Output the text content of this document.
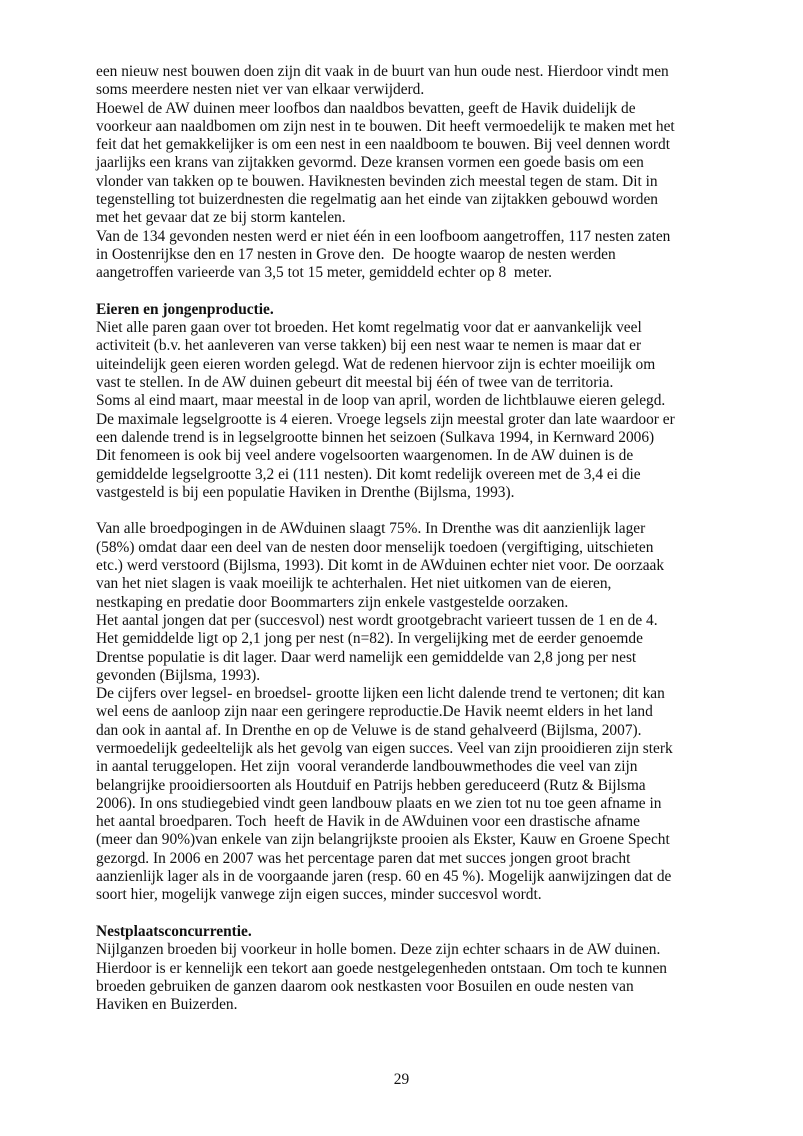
een nieuw nest bouwen doen zijn dit vaak in de buurt van hun oude nest. Hierdoor vindt men

soms meerdere nesten niet ver van elkaar verwijderd.

Hoewel de AW duinen meer loofbos dan naaldbos bevatten, geeft de Havik duidelijk de

voorkeur aan naaldbomen om zijn nest in te bouwen. Dit heeft vermoedelijk te maken met het

feit dat het gemakkelijker is om een nest in een naaldboom te bouwen. Bij veel dennen wordt

jaarlijks een krans van zijtakken gevormd. Deze kransen vormen een goede basis om een

vlonder van takken op te bouwen. Haviknesten bevinden zich meestal tegen de stam. Dit in

tegenstelling tot buizerdnesten die regelmatig aan het einde van zijtakken gebouwd worden

met het gevaar dat ze bij storm kantelen.

Van de 134 gevonden nesten werd er niet één in een loofboom aangetroffen, 117 nesten zaten

in Oostenrijkse den en 17 nesten in Grove den.  De hoogte waarop de nesten werden

aangetroffen varieerde van 3,5 tot 15 meter, gemiddeld echter op 8  meter.

Eieren en jongenproductie.

Niet alle paren gaan over tot broeden. Het komt regelmatig voor dat er aanvankelijk veel

activiteit (b.v. het aanleveren van verse takken) bij een nest waar te nemen is maar dat er

uiteindelijk geen eieren worden gelegd. Wat de redenen hiervoor zijn is echter moeilijk om

vast te stellen. In de AW duinen gebeurt dit meestal bij één of twee van de territoria.

Soms al eind maart, maar meestal in de loop van april, worden de lichtblauwe eieren gelegd.

De maximale legselgrootte is 4 eieren. Vroege legsels zijn meestal groter dan late waardoor er

een dalende trend is in legselgrootte binnen het seizoen (Sulkava 1994, in Kernward 2006)

Dit fenomeen is ook bij veel andere vogelsoorten waargenomen. In de AW duinen is de

gemiddelde legselgrootte 3,2 ei (111 nesten). Dit komt redelijk overeen met de 3,4 ei die

vastgesteld is bij een populatie Haviken in Drenthe (Bijlsma, 1993).

Van alle broedpogingen in de AWduinen slaagt 75%. In Drenthe was dit aanzienlijk lager

(58%) omdat daar een deel van de nesten door menselijk toedoen (vergiftiging, uitschieten

etc.) werd verstoord (Bijlsma, 1993). Dit komt in de AWduinen echter niet voor. De oorzaak

van het niet slagen is vaak moeilijk te achterhalen. Het niet uitkomen van de eieren,

nestkaping en predatie door Boommarters zijn enkele vastgestelde oorzaken.

Het aantal jongen dat per (succesvol) nest wordt grootgebracht varieert tussen de 1 en de 4.

Het gemiddelde ligt op 2,1 jong per nest (n=82). In vergelijking met de eerder genoemde

Drentse populatie is dit lager. Daar werd namelijk een gemiddelde van 2,8 jong per nest

gevonden (Bijlsma, 1993).

De cijfers over legsel- en broedsel- grootte lijken een licht dalende trend te vertonen; dit kan

wel eens de aanloop zijn naar een geringere reproductie.De Havik neemt elders in het land

dan ook in aantal af. In Drenthe en op de Veluwe is de stand gehalveerd (Bijlsma, 2007).

vermoedelijk gedeeltelijk als het gevolg van eigen succes. Veel van zijn prooidieren zijn sterk

in aantal teruggelopen. Het zijn  vooral veranderde landbouwmethodes die veel van zijn

belangrijke prooidiersoorten als Houtduif en Patrijs hebben gereduceerd (Rutz & Bijlsma

2006). In ons studiegebied vindt geen landbouw plaats en we zien tot nu toe geen afname in

het aantal broedparen. Toch  heeft de Havik in de AWduinen voor een drastische afname

(meer dan 90%)van enkele van zijn belangrijkste prooien als Ekster, Kauw en Groene Specht

gezorgd. In 2006 en 2007 was het percentage paren dat met succes jongen groot bracht

aanzienlijk lager als in de voorgaande jaren (resp. 60 en 45 %). Mogelijk aanwijzingen dat de

soort hier, mogelijk vanwege zijn eigen succes, minder succesvol wordt.

Nestplaatsconcurrentie.

Nijlganzen broeden bij voorkeur in holle bomen. Deze zijn echter schaars in de AW duinen.

Hierdoor is er kennelijk een tekort aan goede nestgelegenheden ontstaan. Om toch te kunnen

broeden gebruiken de ganzen daarom ook nestkasten voor Bosuilen en oude nesten van

Haviken en Buizerden.

29
